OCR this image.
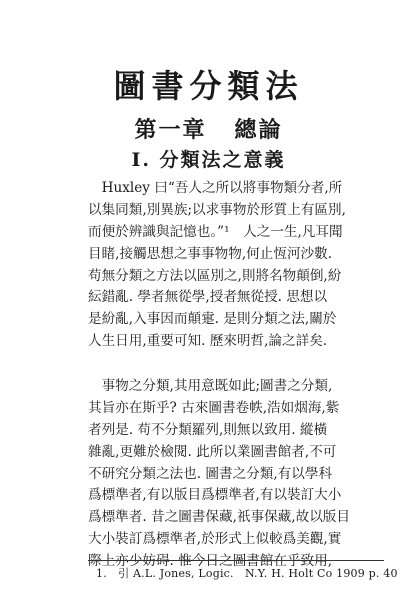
圖書分類法
第一章 總論
I. 分類法之意義
　Huxley 曰“吾人之所以將事物類分者,所
以集同類,別異族;以求事物於形質上有區別,
而便於辨識與記憶也。”¹　人之一生,凡耳聞
目睹,接觸思想之事事物物,何止恆河沙數.
苟無分類之方法以區別之,則將名物顛倒,紛
紜錯亂. 學者無從學,授者無從授. 思想以
是紛亂,入事因而顛疐. 是則分類之法,關於
人生日用,重要可知. 歷來明哲,論之詳矣.
　事物之分類,其用意既如此;圖書之分類,
其旨亦在斯乎? 古來圖書卷帙,浩如烟海,紫
者列是. 苟不分類羅列,則無以致用. 縱橫
雜亂,更難於檢閱. 此所以業圖書館者,不可
不研究分類之法也. 圖書之分類,有以學科
爲標準者,有以版目爲標準者,有以裝訂大小
爲標準者. 昔之圖書保藏,祇事保藏,故以版目
大小裝訂爲標準者,於形式上似較爲美觀,實
際上亦少妨碍. 惟今日之圖書館在乎致用,
1.　引 A.L. Jones, Logic.　N.Y. H. Holt Co 1909 p. 40
